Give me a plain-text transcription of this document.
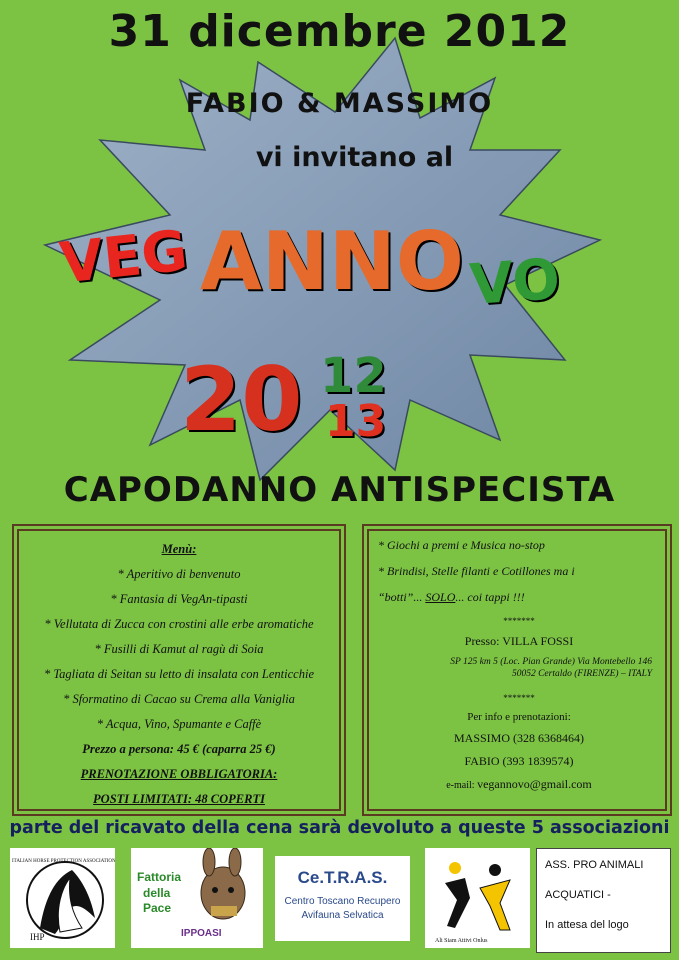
31 dicembre 2012
FABIO & MASSIMO
vi invitano al
VEG ANNO VO
20 12
13
CAPODANNO ANTISPECISTA
Menù:
* Aperitivo di benvenuto
* Fantasia di VegAn-tipasti
* Vellutata di Zucca con crostini alle erbe aromatiche
* Fusilli di Kamut al ragù di Soia
* Tagliata di Seitan su letto di insalata con Lenticchie
* Sformatino di Cacao su Crema alla Vaniglia
* Acqua, Vino, Spumante e Caffè
Prezzo a persona: 45 € (caparra 25 €)
PRENOTAZIONE OBBLIGATORIA:
POSTI LIMITATI: 48 COPERTI
* Giochi a premi e Musica no-stop
* Brindisi, Stelle filanti e Cotillones ma i
“botti”... SOLO... coi tappi !!!
*******
Presso: VILLA FOSSI
SP 125 km 5 (Loc. Pian Grande) Via Montebello 146
50052 Certaldo (FIRENZE) – ITALY
*******
Per info e prenotazioni:
MASSIMO (328 6368464)
FABIO (393 1839574)
e-mail: vegannovo@gmail.com
parte del ricavato della cena sarà devoluto a queste 5 associazioni
IHP
ITALIAN HORSE PROTECTION ASSOCIATION
Fattoria
della
Pace
IPPOASI
Ce.T.R.A.S.
Centro Toscano Recupero
Avifauna Selvatica
Ali Siam Attivi Onlus
ASS. PRO ANIMALI
ACQUATICI -
In attesa del logo
